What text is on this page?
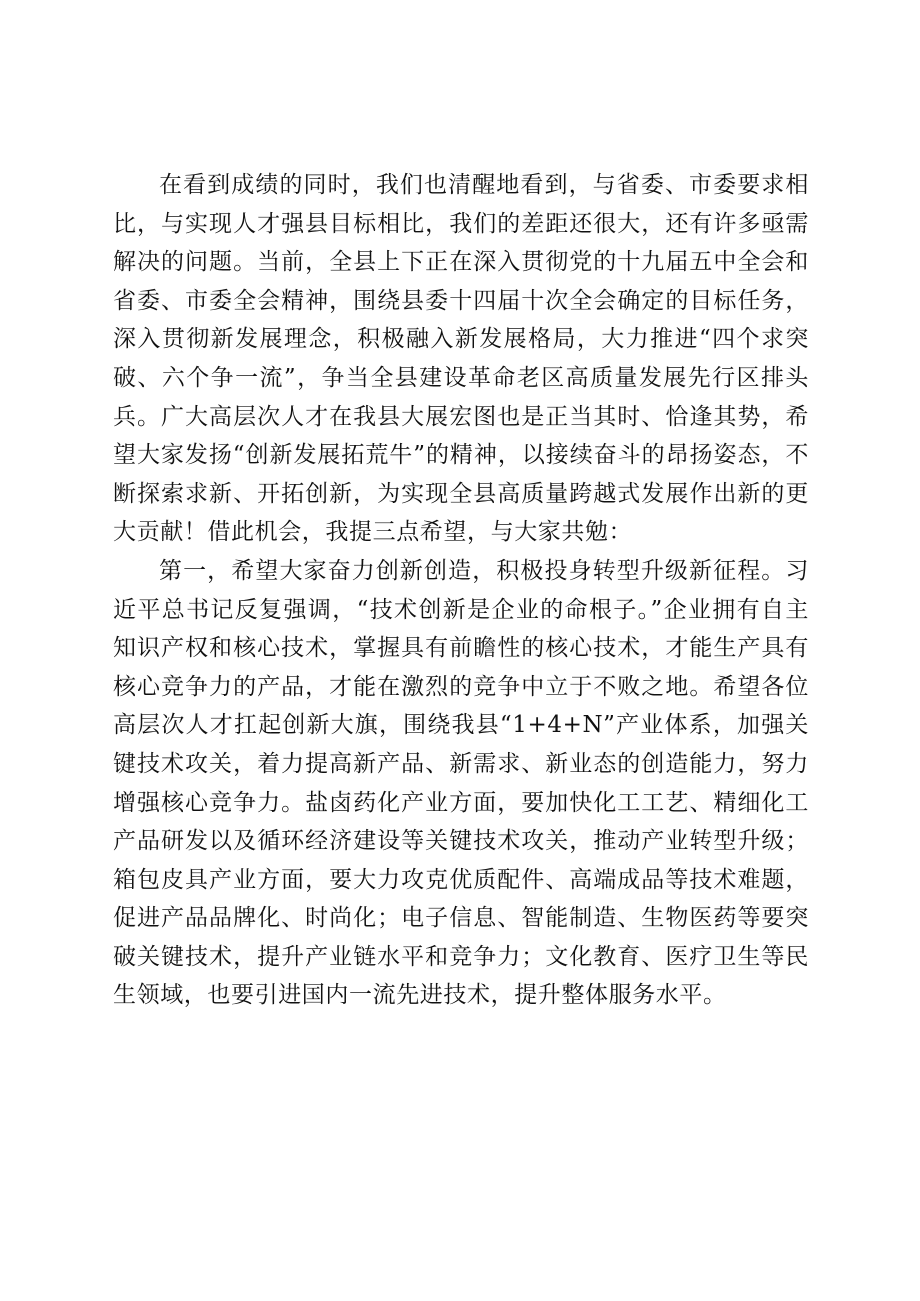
在看到成绩的同时，我们也清醒地看到，与省委、市委要求相比，与实现人才强县目标相比，我们的差距还很大，还有许多亟需解决的问题。当前，全县上下正在深入贯彻党的十九届五中全会和省委、市委全会精神，围绕县委十四届十次全会确定的目标任务，深入贯彻新发展理念，积极融入新发展格局，大力推进“四个求突破、六个争一流”，争当全县建设革命老区高质量发展先行区排头兵。广大高层次人才在我县大展宏图也是正当其时、恰逢其势，希望大家发扬“创新发展拓荒牛”的精神，以接续奋斗的昂扬姿态，不断探索求新、开拓创新，为实现全县高质量跨越式发展作出新的更大贡献！借此机会，我提三点希望，与大家共勉：

第一，希望大家奋力创新创造，积极投身转型升级新征程。习近平总书记反复强调，“技术创新是企业的命根子。”企业拥有自主知识产权和核心技术，掌握具有前瞻性的核心技术，才能生产具有核心竞争力的产品，才能在激烈的竞争中立于不败之地。希望各位高层次人才扛起创新大旗，围绕我县“1+4+N”产业体系，加强关键技术攻关，着力提高新产品、新需求、新业态的创造能力，努力增强核心竞争力。盐卤药化产业方面，要加快化工工艺、精细化工产品研发以及循环经济建设等关键技术攻关，推动产业转型升级；箱包皮具产业方面，要大力攻克优质配件、高端成品等技术难题，促进产品品牌化、时尚化；电子信息、智能制造、生物医药等要突破关键技术，提升产业链水平和竞争力；文化教育、医疗卫生等民生领域，也要引进国内一流先进技术，提升整体服务水平。
